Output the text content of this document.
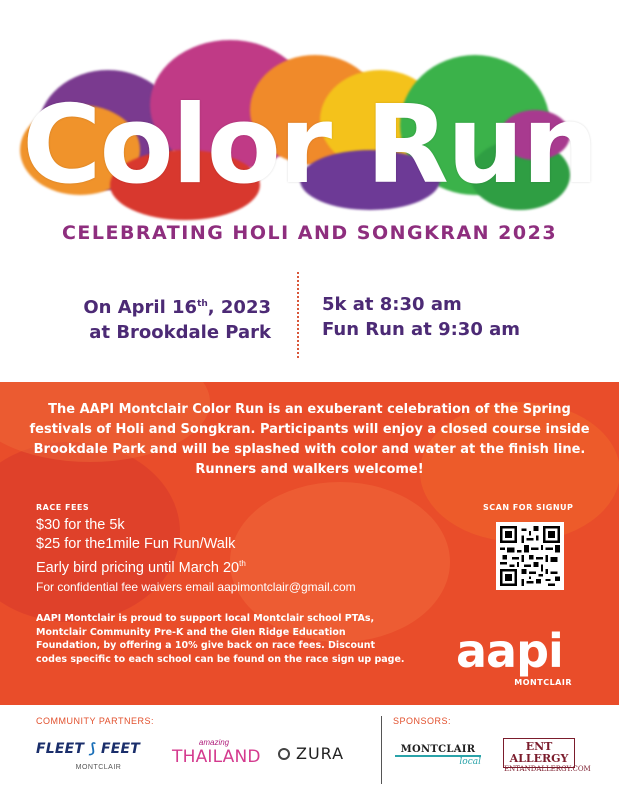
Color Run
CELEBRATING HOLI AND SONGKRAN 2023
On April 16th, 2023
at Brookdale Park
5k at 8:30 am
Fun Run at 9:30 am
The AAPI Montclair Color Run is an exuberant celebration of the Spring festivals of Holi and Songkran. Participants will enjoy a closed course inside Brookdale Park and will be splashed with color and water at the finish line. Runners and walkers welcome!
RACE FEES
$30 for the 5k
$25 for the1mile Fun Run/Walk
Early bird pricing until March 20th
For confidential fee waivers email aapimontclair@gmail.com
SCAN FOR SIGNUP
AAPI Montclair is proud to support local Montclair school PTAs, Montclair Community Pre-K and the Glen Ridge Education Foundation, by offering a 10% give back on race fees. Discount codes specific to each school can be found on the race sign up page. aapi
MONTCLAIR
COMMUNITY PARTNERS:	SPONSORS:
FLEET ⟆ FEET
MONTCLAIR
amazing
THAILAND	ZURA	MONTCLAIR
local
ENT ALLERGY
ENTANDALLERGY.COM
